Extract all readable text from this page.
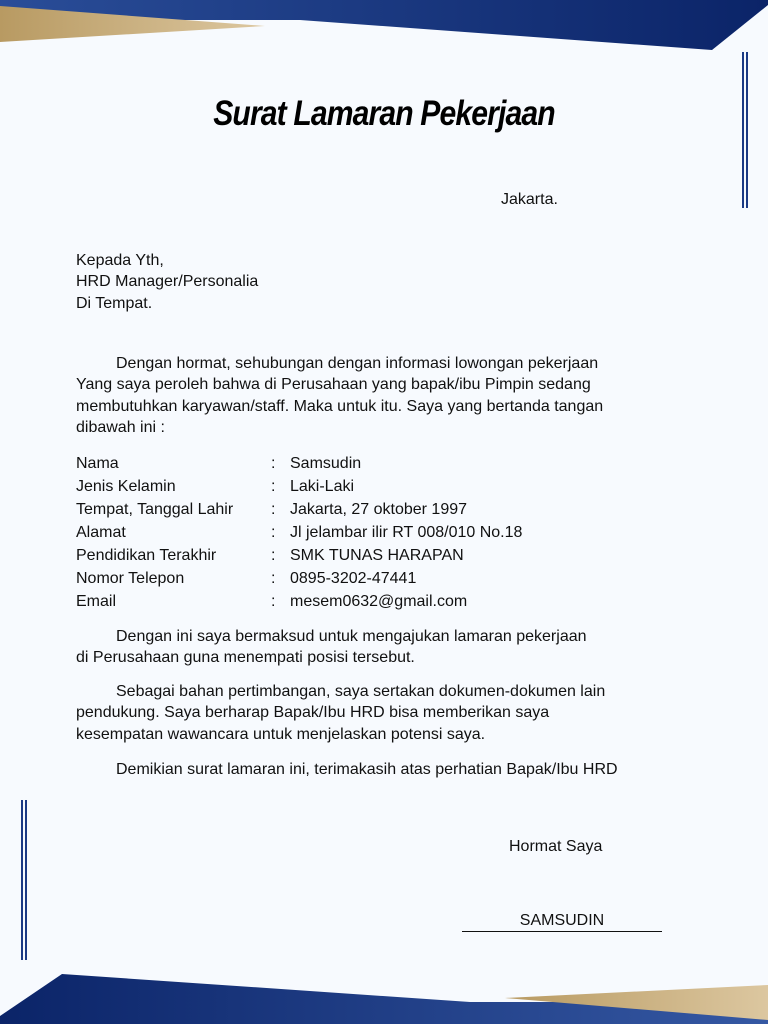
Surat Lamaran Pekerjaan
Jakarta.
Kepada Yth,
HRD Manager/Personalia
Di Tempat.
Dengan hormat, sehubungan dengan informasi lowongan pekerjaan
Yang saya peroleh bahwa di Perusahaan yang bapak/ibu Pimpin sedang
membutuhkan karyawan/staff. Maka untuk itu. Saya yang bertanda tangan
dibawah ini :
Nama	: Samsudin
Jenis Kelamin	: Laki-Laki
Tempat, Tanggal Lahir : Jakarta, 27 oktober 1997
Alamat	: Jl jelambar ilir RT 008/010 No.18
Pendidikan Terakhir	: SMK TUNAS HARAPAN
Nomor Telepon	: 0895-3202-47441
Email	: mesem0632@gmail.com
Dengan ini saya bermaksud untuk mengajukan lamaran pekerjaan
di Perusahaan guna menempati posisi tersebut.
Sebagai bahan pertimbangan, saya sertakan dokumen-dokumen lain
pendukung. Saya berharap Bapak/Ibu HRD bisa memberikan saya
kesempatan wawancara untuk menjelaskan potensi saya.
Demikian surat lamaran ini, terimakasih atas perhatian Bapak/Ibu HRD
Hormat Saya
SAMSUDIN
